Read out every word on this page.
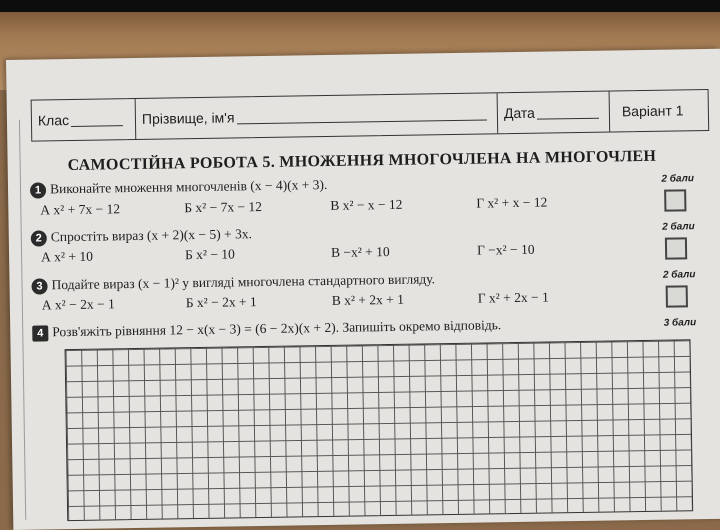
Клас	Прізвище, ім'я	Дата	Варіант 1
САМОСТІЙНА РОБОТА 5. МНОЖЕННЯ МНОГОЧЛЕНА НА МНОГОЧЛЕН
1 Виконайте множення многочленів (x − 4)(x + 3).	2 бали
А x² + 7x − 12	Б x² − 7x − 12	В x² − x − 12	Г x² + x − 12
2 Спростіть вираз (x + 2)(x − 5) + 3x.	2 бали
А x² + 10	Б x² − 10	В −x² + 10	Г −x² − 10
3 Подайте вираз (x − 1)² у вигляді многочлена стандартного вигляду.	2 бали
А x² − 2x − 1	Б x² − 2x + 1	В x² + 2x + 1	Г x² + 2x − 1
4 Розв'яжіть рівняння 12 − x(x − 3) = (6 − 2x)(x + 2). Запишіть окремо відповідь.	3 бали
